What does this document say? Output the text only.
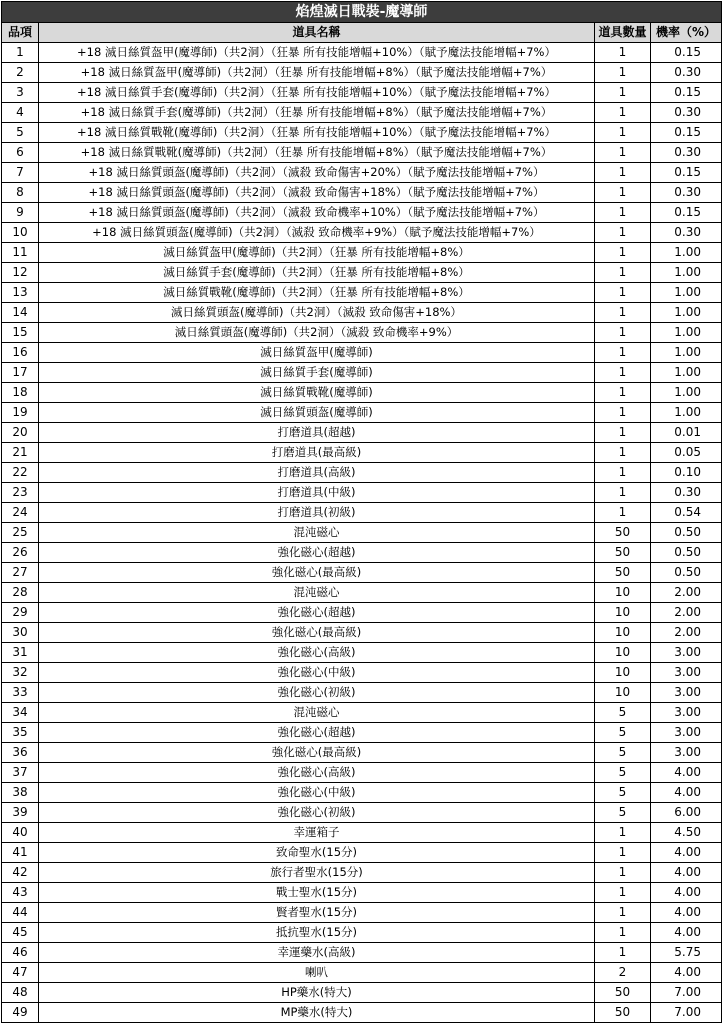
焰煌滅日戰裝-魔導師			
品項	道具名稱	道具數量	機率（%）
1	+18 滅日絲質盔甲(魔導師)（共2洞）（狂暴 所有技能增幅+10%）（賦予魔法技能增幅+7%）	1	0.15
2	+18 滅日絲質盔甲(魔導師)（共2洞）（狂暴 所有技能增幅+8%）（賦予魔法技能增幅+7%）	1	0.30
3	+18 滅日絲質手套(魔導師)（共2洞）（狂暴 所有技能增幅+10%）（賦予魔法技能增幅+7%）	1	0.15
4	+18 滅日絲質手套(魔導師)（共2洞）（狂暴 所有技能增幅+8%）（賦予魔法技能增幅+7%）	1	0.30
5	+18 滅日絲質戰靴(魔導師)（共2洞）（狂暴 所有技能增幅+10%）（賦予魔法技能增幅+7%）	1	0.15
6	+18 滅日絲質戰靴(魔導師)（共2洞）（狂暴 所有技能增幅+8%）（賦予魔法技能增幅+7%）	1	0.30
7	+18 滅日絲質頭盔(魔導師)（共2洞）（滅殺 致命傷害+20%）（賦予魔法技能增幅+7%）	1	0.15
8	+18 滅日絲質頭盔(魔導師)（共2洞）（滅殺 致命傷害+18%）（賦予魔法技能增幅+7%）	1	0.30
9	+18 滅日絲質頭盔(魔導師)（共2洞）（滅殺 致命機率+10%）（賦予魔法技能增幅+7%）	1	0.15
10	+18 滅日絲質頭盔(魔導師)（共2洞）（滅殺 致命機率+9%）（賦予魔法技能增幅+7%）	1	0.30
11	滅日絲質盔甲(魔導師)（共2洞）（狂暴 所有技能增幅+8%）	1	1.00
12	滅日絲質手套(魔導師)（共2洞）（狂暴 所有技能增幅+8%）	1	1.00
13	滅日絲質戰靴(魔導師)（共2洞）（狂暴 所有技能增幅+8%）	1	1.00
14	滅日絲質頭盔(魔導師)（共2洞）（滅殺 致命傷害+18%）	1	1.00
15	滅日絲質頭盔(魔導師)（共2洞）（滅殺 致命機率+9%）	1	1.00
16	滅日絲質盔甲(魔導師)	1	1.00
17	滅日絲質手套(魔導師)	1	1.00
18	滅日絲質戰靴(魔導師)	1	1.00
19	滅日絲質頭盔(魔導師)	1	1.00
20	打磨道具(超越)	1	0.01
21	打磨道具(最高級)	1	0.05
22	打磨道具(高級)	1	0.10
23	打磨道具(中級)	1	0.30
24	打磨道具(初級)	1	0.54
25	混沌磁心	50	0.50
26	強化磁心(超越)	50	0.50
27	強化磁心(最高級)	50	0.50
28	混沌磁心	10	2.00
29	強化磁心(超越)	10	2.00
30	強化磁心(最高級)	10	2.00
31	強化磁心(高級)	10	3.00
32	強化磁心(中級)	10	3.00
33	強化磁心(初級)	10	3.00
34	混沌磁心	5	3.00
35	強化磁心(超越)	5	3.00
36	強化磁心(最高級)	5	3.00
37	強化磁心(高級)	5	4.00
38	強化磁心(中級)	5	4.00
39	強化磁心(初級)	5	6.00
40	幸運箱子	1	4.50
41	致命聖水(15分)	1	4.00
42	旅行者聖水(15分)	1	4.00
43	戰士聖水(15分)	1	4.00
44	賢者聖水(15分)	1	4.00
45	抵抗聖水(15分)	1	4.00
46	幸運藥水(高級)	1	5.75
47	喇叭	2	4.00
48	HP藥水(特大)	50	7.00
49	MP藥水(特大)	50	7.00
